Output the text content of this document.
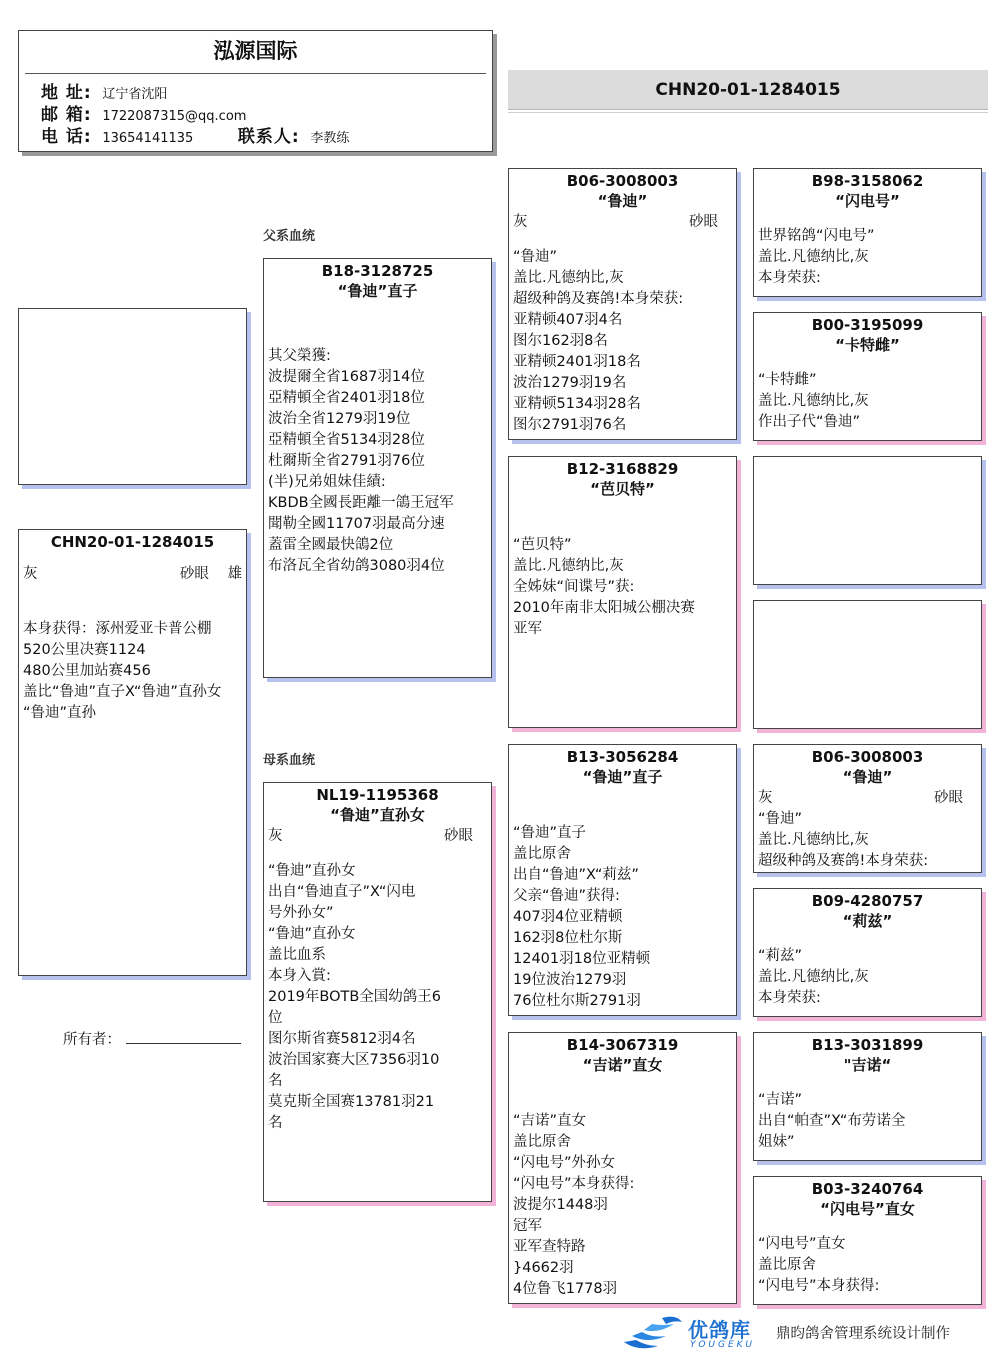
泓源国际
地 址: 辽宁省沈阳
邮 箱: 1722087315@qq.com
电 话: 13654141135	联系人: 李教练
CHN20-01-1284015
CHN20-01-1284015
灰	砂眼 雄
本身获得：涿州爱亚卡普公棚
520公里决赛1124
480公里加站赛456
盖比“鲁迪”直子X“鲁迪”直孙女
“鲁迪”直孙
所有者：
父系血统
母系血统
B18-3128725
“鲁迪”直子
其父榮獲:
波提爾全省1687羽14位
亞精頓全省2401羽18位
波治全省1279羽19位
亞精頓全省5134羽28位
杜爾斯全省2791羽76位
(半)兄弟姐妹佳績:
KBDB全國長距離一鴿王冠军
聞勒全國11707羽最高分速
蓋雷全國最快鴿2位
布洛瓦全省幼鸽3080羽4位
NL19-1195368
“鲁迪”直孙女
灰	砂眼
“鲁迪”直孙女
出自“鲁迪直子”X“闪电
号外孙女”
“鲁迪”直孙女
盖比血系
本身入賞:
2019年BOTB全国幼鸽王6
位
图尔斯省赛5812羽4名
波治国家赛大区7356羽10
名
莫克斯全国赛13781羽21
名
B06-3008003
“鲁迪”
灰	砂眼
“鲁迪”
盖比.凡德纳比,灰
超级种鸽及赛鸽!本身荣获:
亚精顿407羽4名
图尔162羽8名
亚精顿2401羽18名
波治1279羽19名
亚精顿5134羽28名
图尔2791羽76名
B12-3168829
“芭贝特”
“芭贝特”
盖比.凡德纳比,灰
全姊妹“间谍号”获:
2010年南非太阳城公棚决赛
亚军
B13-3056284
“鲁迪”直子
“鲁迪”直子
盖比原舍
出自“鲁迪”X“莉兹”
父亲“鲁迪”获得:
407羽4位亚精顿
162羽8位杜尔斯
12401羽18位亚精顿
19位波治1279羽
76位杜尔斯2791羽
B14-3067319
“吉诺”直女
“吉诺”直女
盖比原舍
“闪电号”外孙女
“闪电号”本身获得:
波提尔1448羽
冠军
亚军查特路
}4662羽
4位鲁飞1778羽
B98-3158062
“闪电号”
世界铭鸽“闪电号”
盖比.凡德纳比,灰
本身荣获:
B00-3195099
“卡特雌”
“卡特雌”
盖比.凡德纳比,灰
作出子代“鲁迪”
B06-3008003
“鲁迪”
灰	砂眼
“鲁迪”
盖比.凡德纳比,灰
超级种鸽及赛鸽!本身荣获:
B09-4280757
“莉兹”
“莉兹”
盖比.凡德纳比,灰
本身荣获:
B13-3031899
"吉诺“
“吉诺”
出自“帕查”X“布劳诺全
姐妹”
B03-3240764
“闪电号”直女
“闪电号”直女
盖比原舍
“闪电号”本身获得:
优鸽库
YOUGEKU
鼎昀鸽舍管理系统设计制作
